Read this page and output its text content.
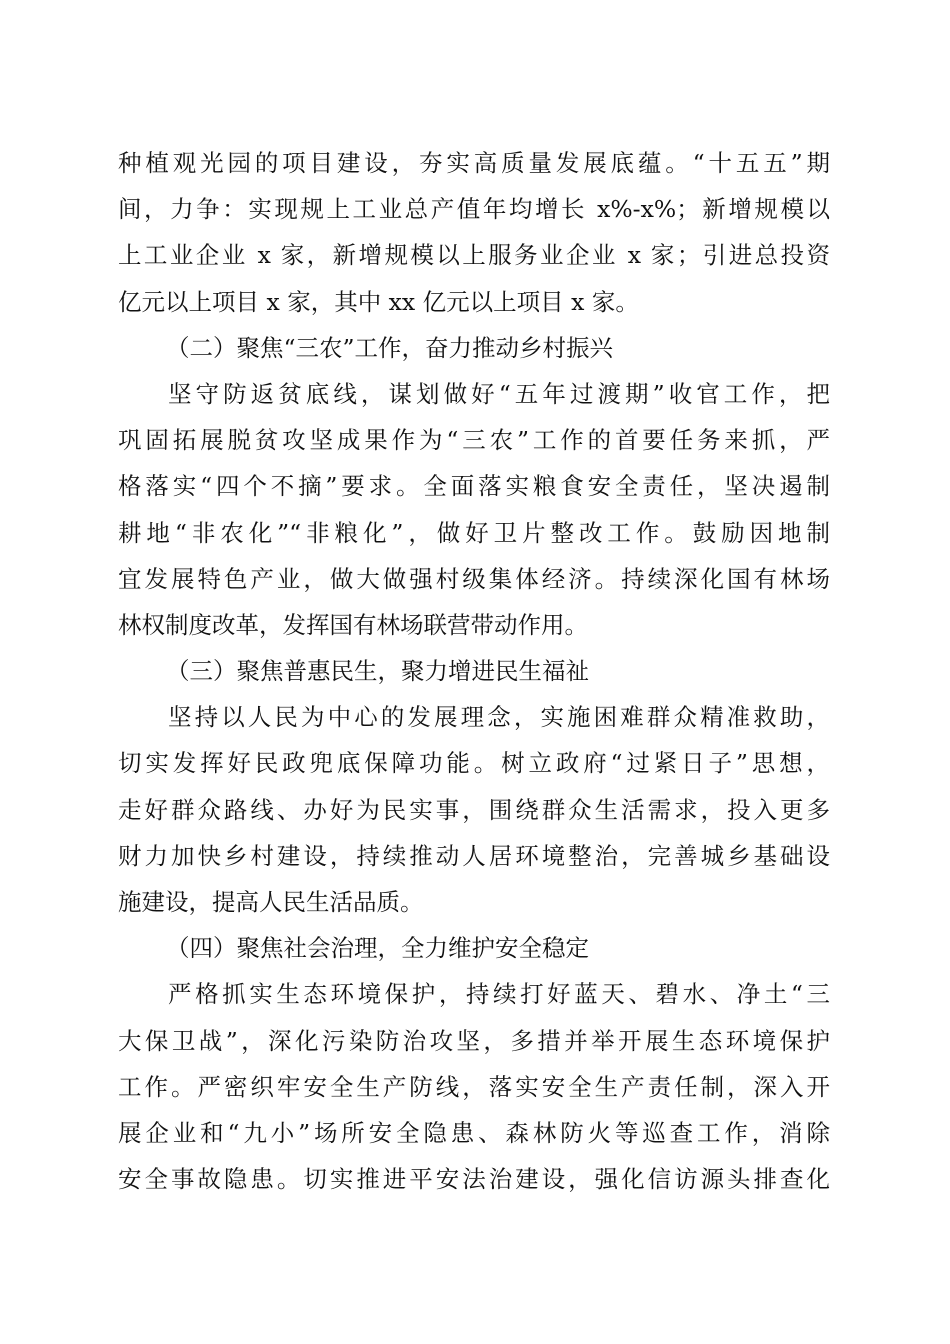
种植观光园的项目建设，夯实高质量发展底蕴。“十五五”期
间，力争：实现规上工业总产值年均增长 x%-x%；新增规模以
上工业企业 x 家，新增规模以上服务业企业 x 家；引进总投资
亿元以上项目 x 家，其中 xx 亿元以上项目 x 家。
（二）聚焦“三农”工作，奋力推动乡村振兴
坚守防返贫底线，谋划做好“五年过渡期”收官工作，把
巩固拓展脱贫攻坚成果作为“三农”工作的首要任务来抓，严
格落实“四个不摘”要求。全面落实粮食安全责任，坚决遏制
耕地“非农化”“非粮化”，做好卫片整改工作。鼓励因地制
宜发展特色产业，做大做强村级集体经济。持续深化国有林场
林权制度改革，发挥国有林场联营带动作用。
（三）聚焦普惠民生，聚力增进民生福祉
坚持以人民为中心的发展理念，实施困难群众精准救助，
切实发挥好民政兜底保障功能。树立政府“过紧日子”思想，
走好群众路线、办好为民实事，围绕群众生活需求，投入更多
财力加快乡村建设，持续推动人居环境整治，完善城乡基础设
施建设，提高人民生活品质。
（四）聚焦社会治理，全力维护安全稳定
严格抓实生态环境保护，持续打好蓝天、碧水、净土“三
大保卫战”，深化污染防治攻坚，多措并举开展生态环境保护
工作。严密织牢安全生产防线，落实安全生产责任制，深入开
展企业和“九小”场所安全隐患、森林防火等巡查工作，消除
安全事故隐患。切实推进平安法治建设，强化信访源头排查化
